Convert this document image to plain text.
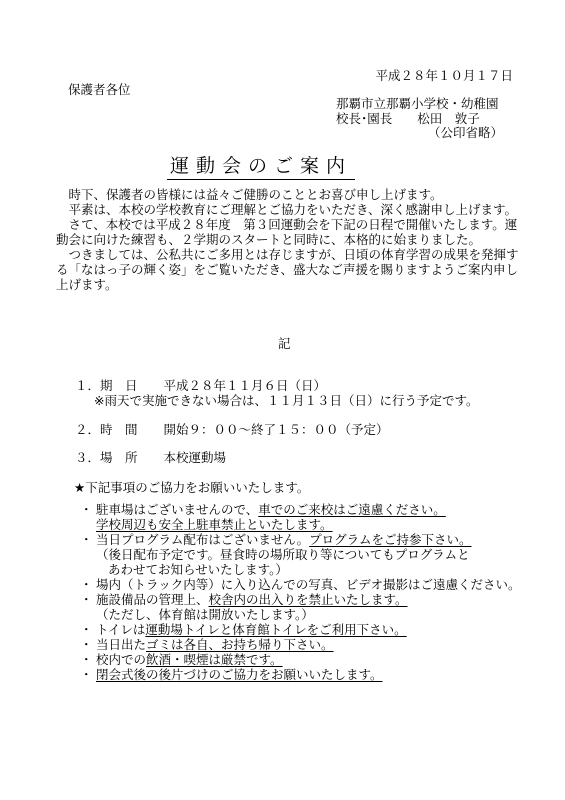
平成２８年１０月１７日
保護者各位
那覇市立那覇小学校・幼稚園
校長･園長　　松田　敦子
（公印省略）
運動会のご案内

時下、保護者の皆様には益々ご健勝のこととお喜び申し上げます。

平素は、本校の学校教育にご理解とご協力をいただき、深く感謝申し上げます。

さて、本校では平成２８年度　第３回運動会を下記の日程で開催いたします。運動会に向けた練習も、２学期のスタートと同時に、本格的に始まりました。

つきましては、公私共にご多用とは存じますが、日頃の体育学習の成果を発揮する「なはっ子の輝く姿」をご覧いただき、盛大なご声援を賜りますようご案内申し上げます。

記
１．期　日 平成２８年１１月６日（日）
※雨天で実施できない場合は、１１月１３日（日）に行う予定です。
２．時　間 開始９：００～終了１５：００（予定）
３．場　所 本校運動場
★下記事項のご協力をお願いいたします。
・ 駐車場はございませんので、車でのご来校はご遠慮ください。
学校周辺も安全上駐車禁止といたします。
・ 当日プログラム配布はございません。プログラムをご持参下さい。
（後日配布予定です。昼食時の場所取り等についてもプログラムと

あわせてお知らせいたします。）
・ 場内（トラック内等）に入り込んでの写真、ビデオ撮影はご遠慮ください。
・ 施設備品の管理上、校舎内の出入りを禁止いたします。
（ただし、体育館は開放いたします。）
・ トイレは運動場トイレと体育館トイレをご利用下さい。
・ 当日出たゴミは各自、お持ち帰り下さい。
・ 校内での飲酒・喫煙は厳禁です。
・ 閉会式後の後片づけのご協力をお願いいたします。
